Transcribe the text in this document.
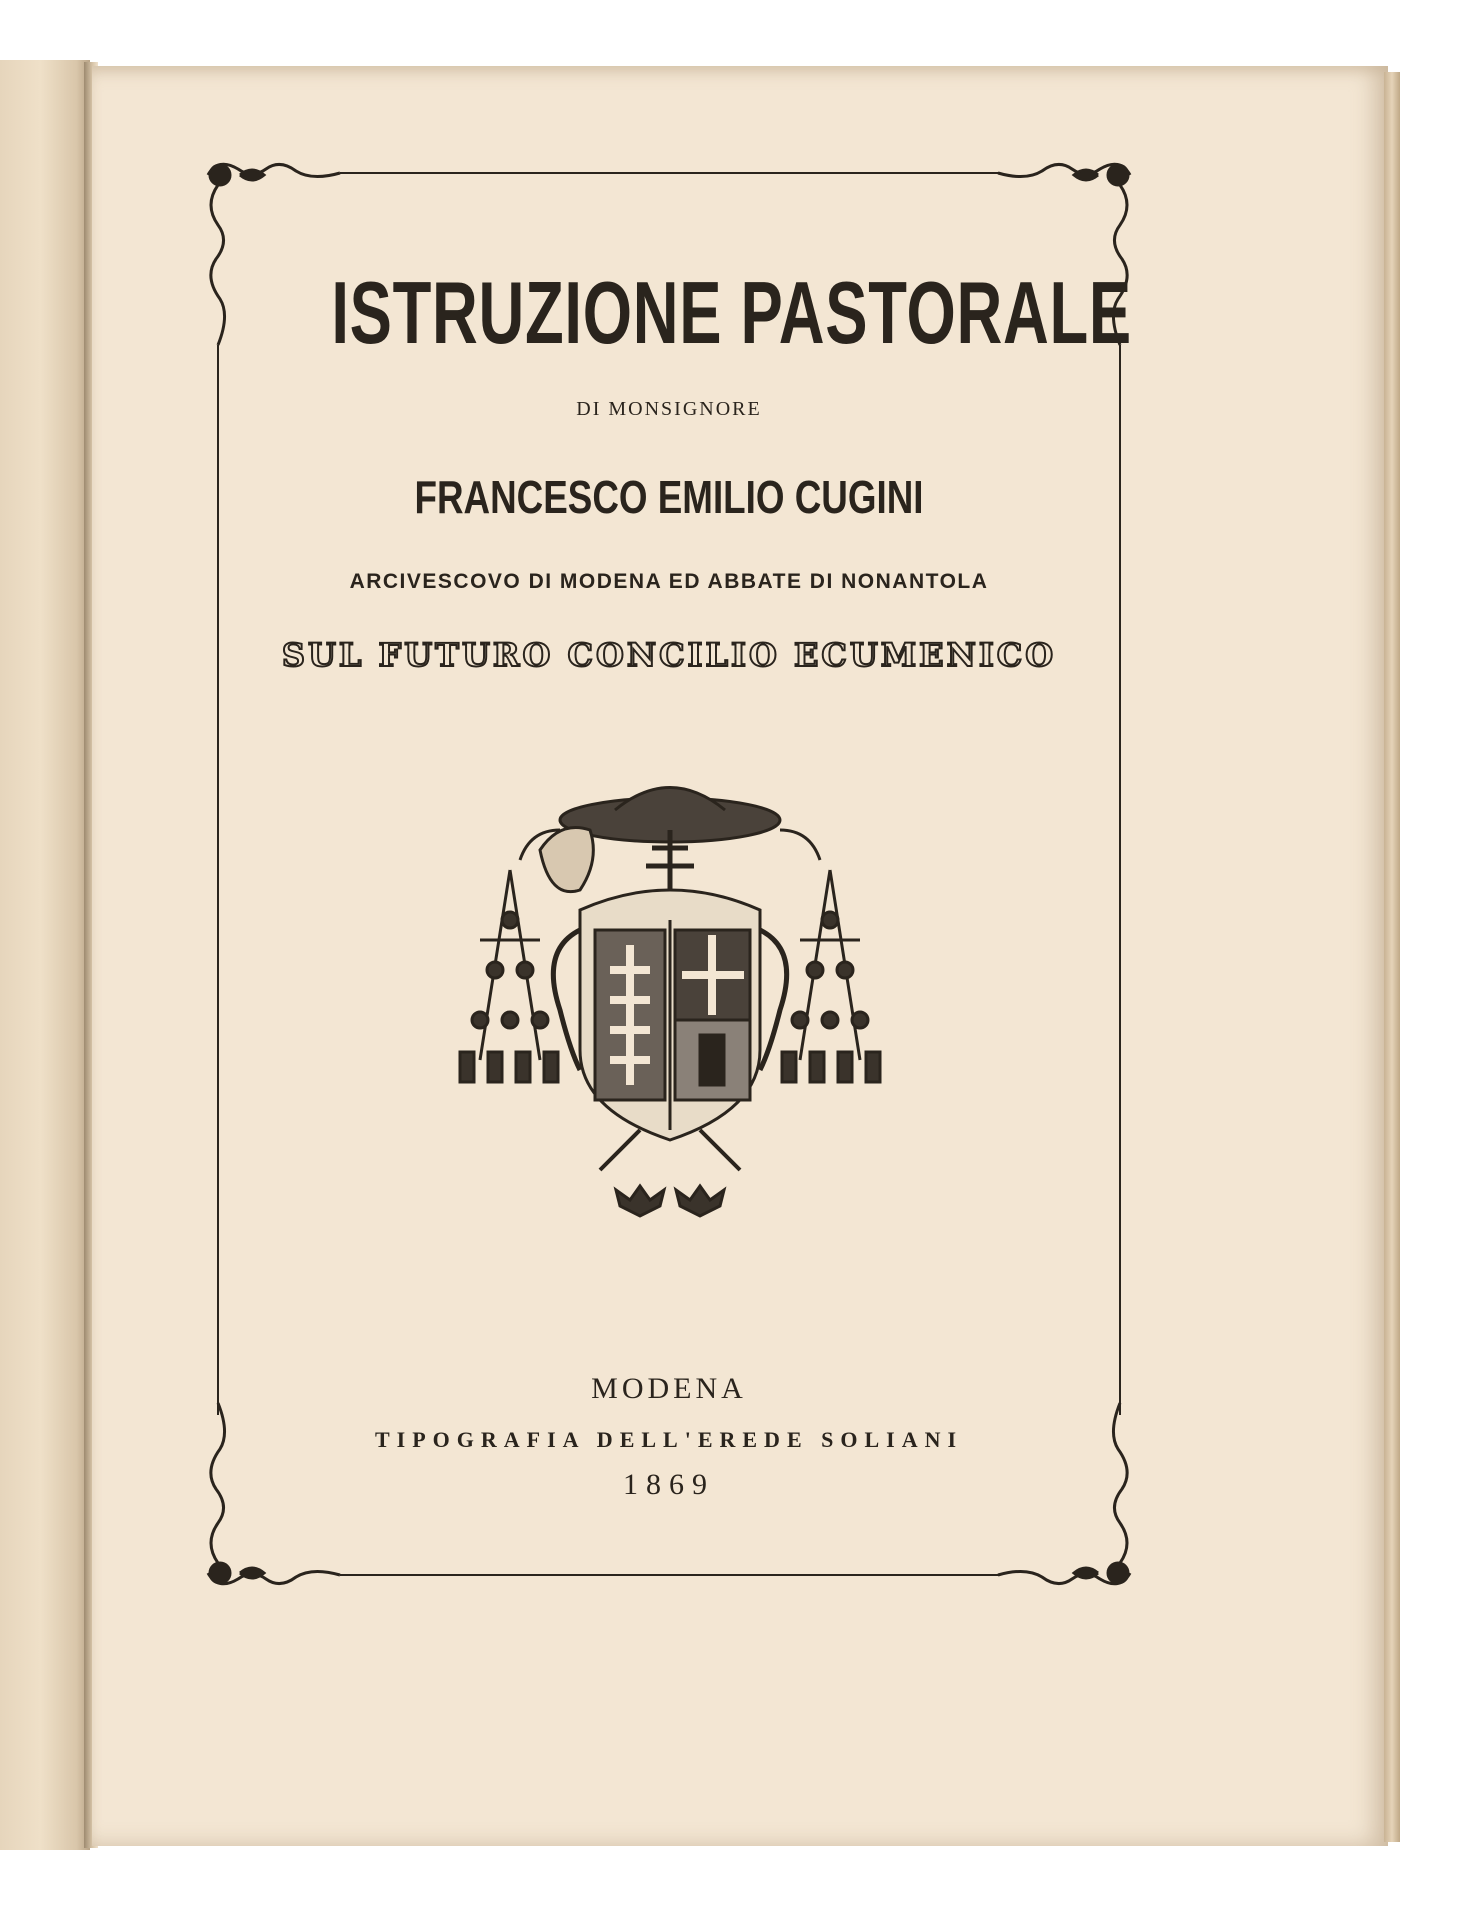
ISTRUZIONE PASTORALE
DI MONSIGNORE
FRANCESCO EMILIO CUGINI
ARCIVESCOVO DI MODENA ED ABBATE DI NONANTOLA
SUL FUTURO CONCILIO ECUMENICO
MODENA
TIPOGRAFIA DELL'EREDE SOLIANI
1869
